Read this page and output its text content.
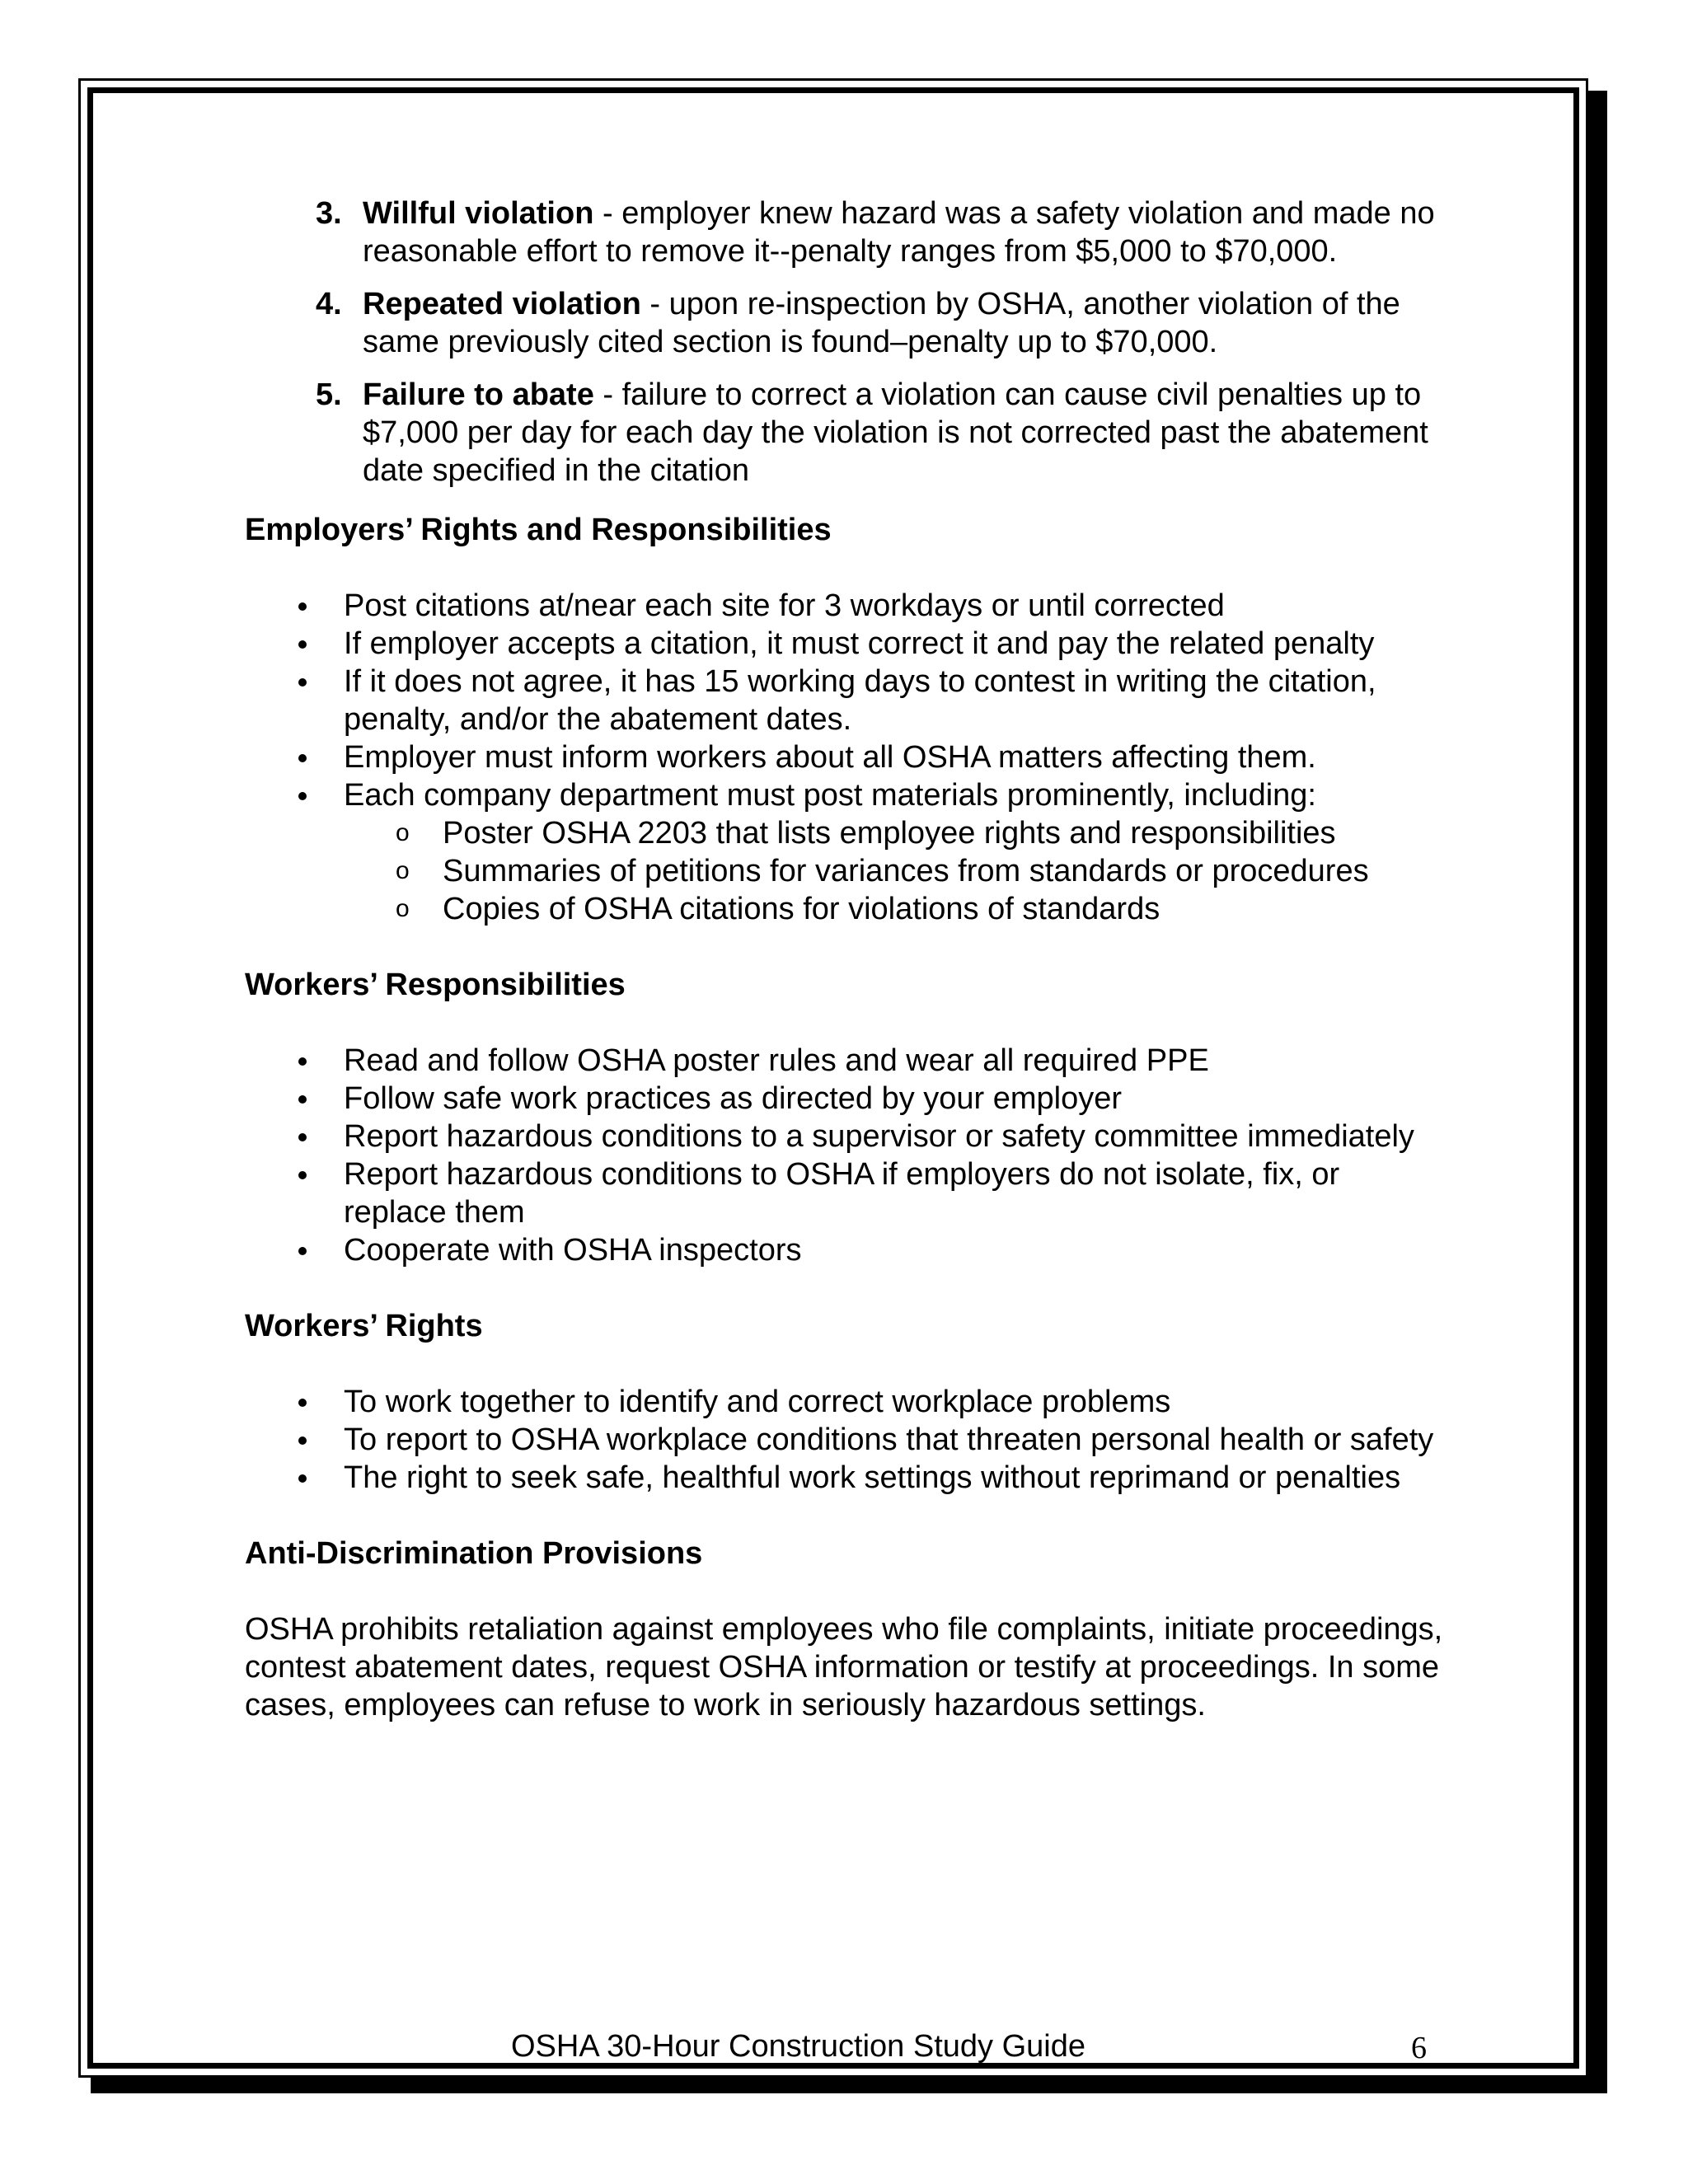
3. Willful violation - employer knew hazard was a safety violation and made no reasonable effort to remove it--penalty ranges from $5,000 to $70,000.
4. Repeated violation - upon re-inspection by OSHA, another violation of the same previously cited section is found–penalty up to $70,000.
5. Failure to abate - failure to correct a violation can cause civil penalties up to $7,000 per day for each day the violation is not corrected past the abatement date specified in the citation
Employers’ Rights and Responsibilities
Post citations at/near each site for 3 workdays or until corrected
If employer accepts a citation, it must correct it and pay the related penalty
If it does not agree, it has 15 working days to contest in writing the citation, penalty, and/or the abatement dates.
Employer must inform workers about all OSHA matters affecting them.
Each company department must post materials prominently, including:
o Poster OSHA 2203 that lists employee rights and responsibilities
o Summaries of petitions for variances from standards or procedures
o Copies of OSHA citations for violations of standards
Workers’ Responsibilities
Read and follow OSHA poster rules and wear all required PPE
Follow safe work practices as directed by your employer
Report hazardous conditions to a supervisor or safety committee immediately
Report hazardous conditions to OSHA if employers do not isolate, fix, or replace them
Cooperate with OSHA inspectors
Workers’ Rights
To work together to identify and correct workplace problems
To report to OSHA workplace conditions that threaten personal health or safety
The right to seek safe, healthful work settings without reprimand or penalties
Anti-Discrimination Provisions

OSHA prohibits retaliation against employees who file complaints, initiate proceedings, contest abatement dates, request OSHA information or testify at proceedings. In some cases, employees can refuse to work in seriously hazardous settings.

OSHA 30-Hour Construction Study Guide	6
